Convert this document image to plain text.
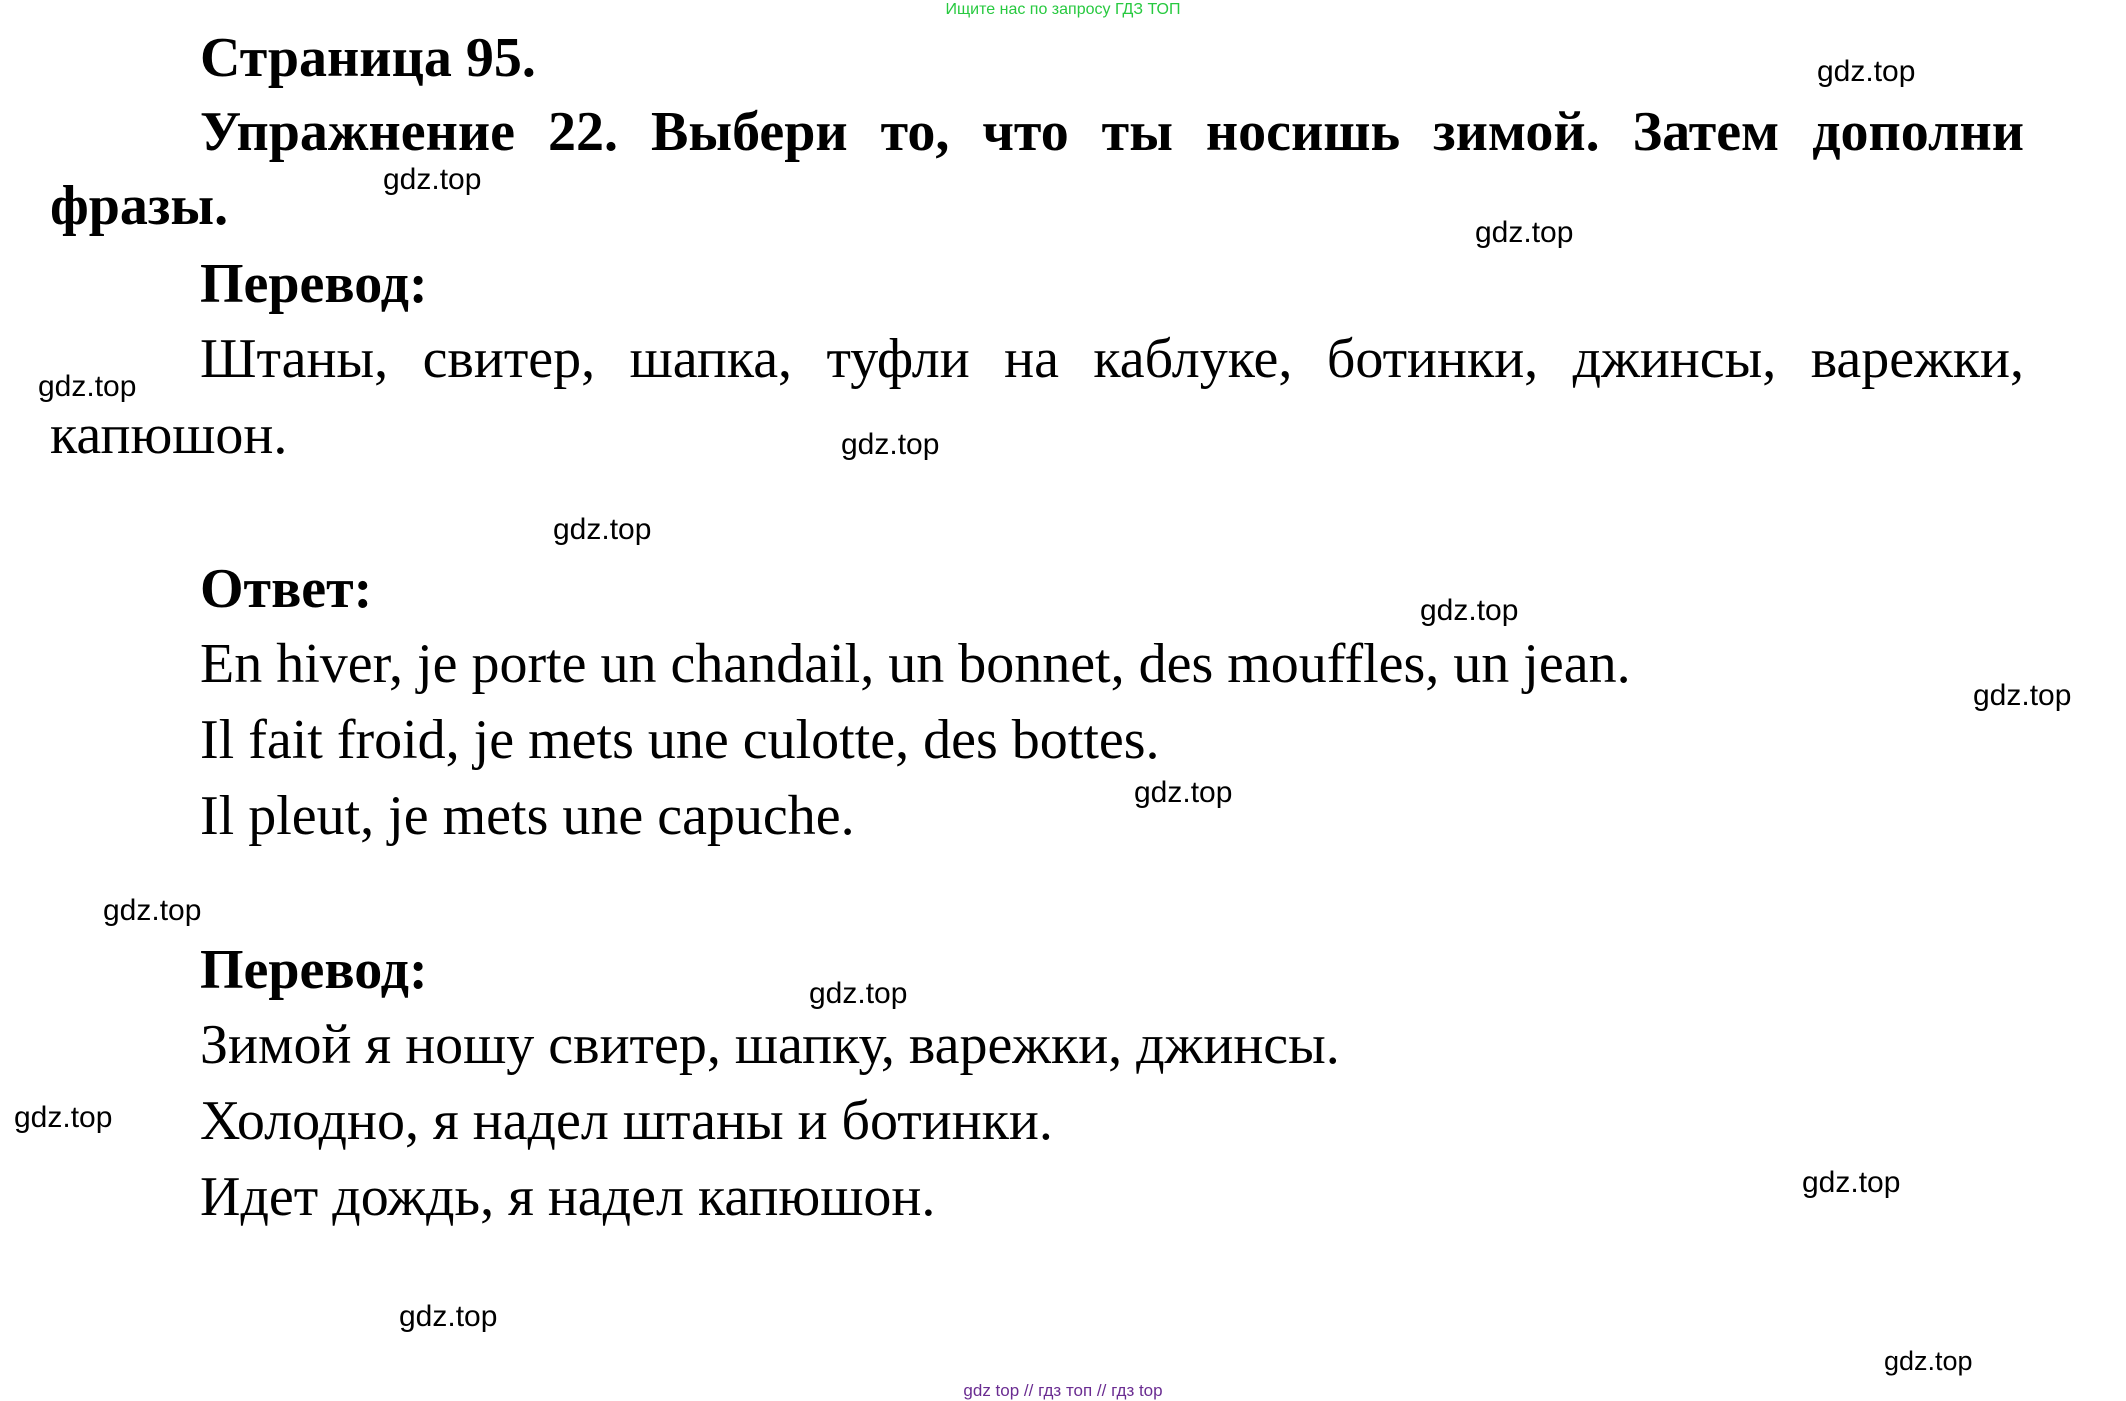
Ищите нас по запросу ГДЗ ТОП
Страница 95.
Упражнение 22. Выбери то, что ты носишь зимой. Затем дополни
фразы.
Перевод:
Штаны, свитер, шапка, туфли на каблуке, ботинки, джинсы, варежки,
капюшон.
Ответ:
En hiver, je porte un chandail, un bonnet, des mouffles, un jean.
Il fait froid, je mets une culotte, des bottes.
Il pleut, je mets une capuche.
Перевод:
Зимой я ношу свитер, шапку, варежки, джинсы.
Холодно, я надел штаны и ботинки.
Идет дождь, я надел капюшон.
gdz.top
gdz.top
gdz.top
gdz.top
gdz.top
gdz.top
gdz.top
gdz.top
gdz.top
gdz.top
gdz.top
gdz.top
gdz.top
gdz.top
gdz.top
gdz top // гдз топ // гдз top
